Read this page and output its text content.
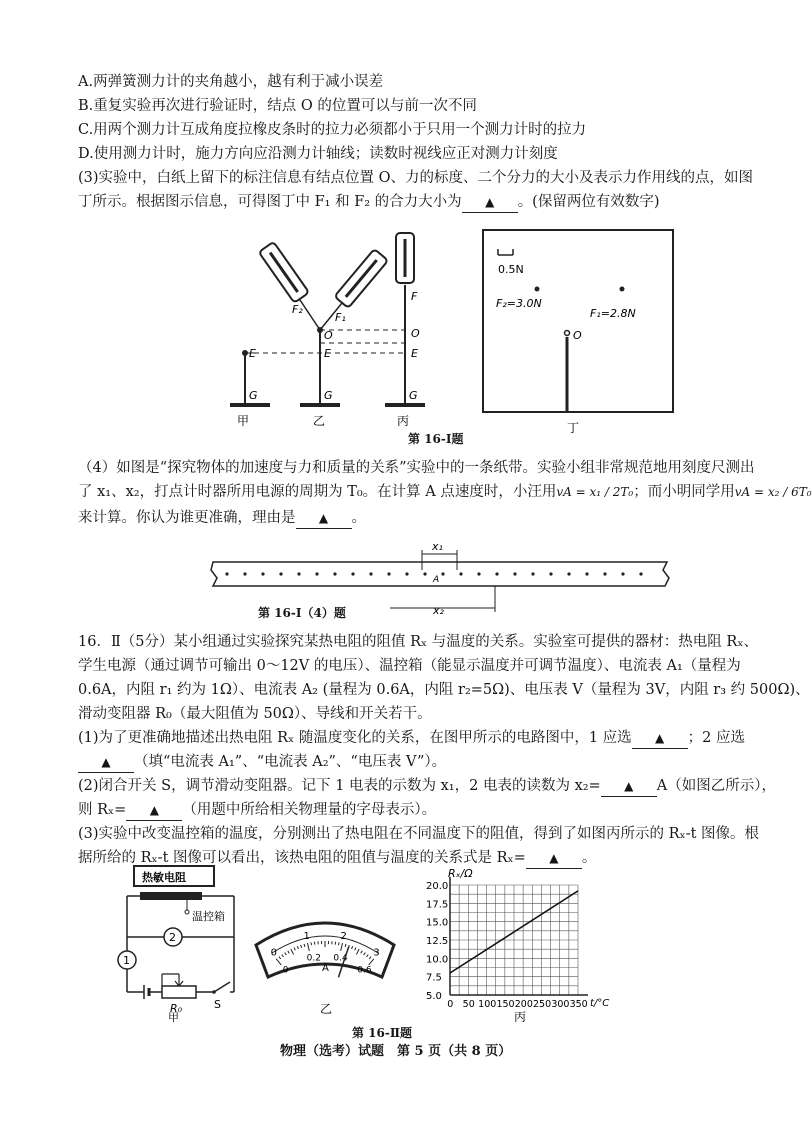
A.两弹簧测力计的夹角越小，越有利于减小误差
B.重复实验再次进行验证时，结点 O 的位置可以与前一次不同
C.用两个测力计互成角度拉橡皮条时的拉力必须都小于只用一个测力计时的拉力
D.使用测力计时，施力方向应沿测力计轴线；读数时视线应正对测力计刻度
(3)实验中，白纸上留下的标注信息有结点位置 O、力的标度、二个分力的大小及表示力作用线的点，如图
丁所示。根据图示信息，可得图丁中 F₁ 和 F₂ 的合力大小为 ▲ 。(保留两位有效数字)
E	E	E
O	O
F
F₂
F₁
G	G	G
甲	乙	丙
0.5N
F₂=3.0N
F₁=2.8N
O
丁
第 16-I题
（4）如图是“探究物体的加速度与力和质量的关系”实验中的一条纸带。实验小组非常规范地用刻度尺测出
了 x₁、x₂，打点计时器所用电源的周期为 T₀。在计算 A 点速度时，小汪用vA = x₁ / 2T₀；而小明同学用vA = x₂ / 6T₀
来计算。你认为谁更准确，理由是 ▲ 。
x₁
A
x₂
第 16-I（4）题
16．Ⅱ（5分）某小组通过实验探究某热电阻的阻值 Rₓ 与温度的关系。实验室可提供的器材：热电阻 Rₓ、
学生电源（通过调节可输出 0～12V 的电压）、温控箱（能显示温度并可调节温度）、电流表 A₁（量程为
0.6A，内阻 r₁ 约为 1Ω）、电流表 A₂ (量程为 0.6A，内阻 r₂=5Ω)、电压表 V（量程为 3V，内阻 r₃ 约 500Ω)、
滑动变阻器 R₀（最大阻值为 50Ω）、导线和开关若干。
(1)为了更准确地描述出热电阻 Rₓ 随温度变化的关系，在图甲所示的电路图中，1 应选 ▲ ；2 应选
▲ （填“电流表 A₁”、“电流表 A₂”、“电压表 V”）。
(2)闭合开关 S，调节滑动变阻器。记下 1 电表的示数为 x₁，2 电表的读数为 x₂= ▲ A（如图乙所示），
则 Rₓ= ▲ （用题中所给相关物理量的字母表示）。
(3)实验中改变温控箱的温度，分别测出了热电阻在不同温度下的阻值，得到了如图丙所示的 Rₓ-t 图像。根
据所给的 Rₓ-t 图像可以看出，该热电阻的阻值与温度的关系式是 Rₓ= ▲ 。
热敏电阻
温控箱
2
1
R₀	S
甲
0
1	2
3
0
0.2 0.4
0.6
A
乙
5.0
7.5
10.0
12.5
15.0
17.5
20.0
0 50 100 150 200 250 300 350
Rₓ/Ω
t/°C
丙
第 16-Ⅱ题
物理（选考）试题　第 5 页（共 8 页）
